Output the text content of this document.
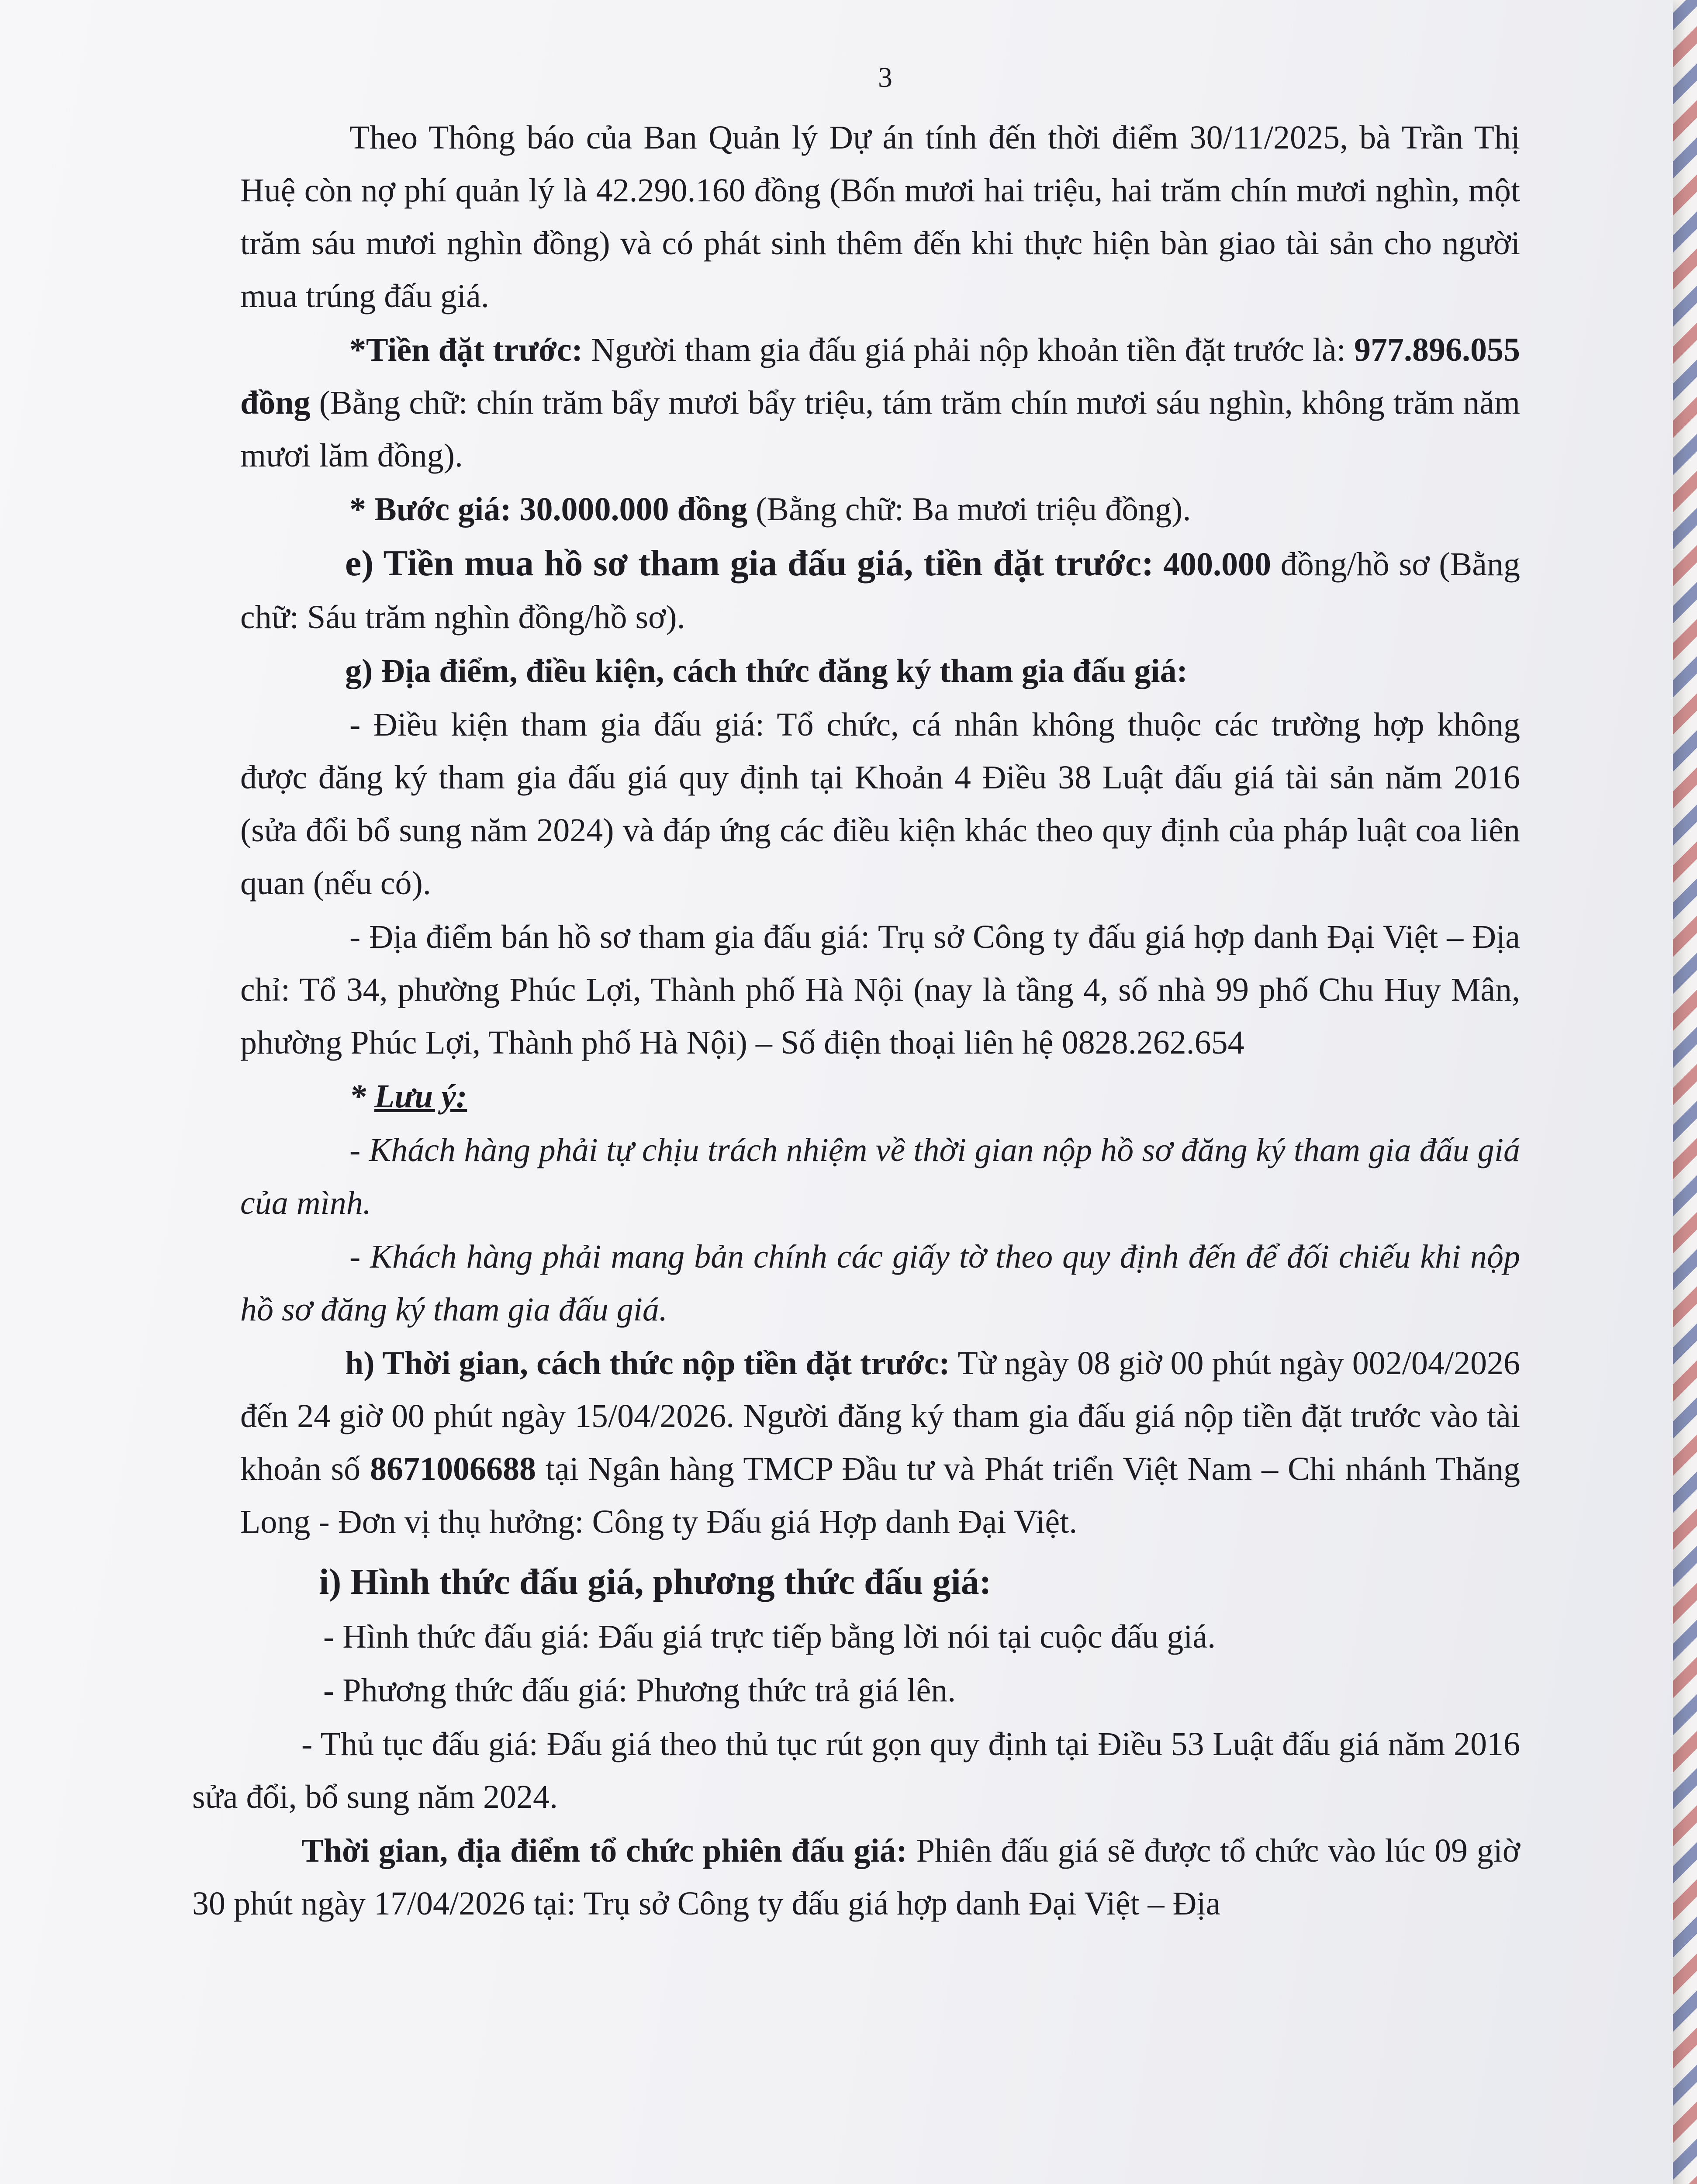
3

Theo Thông báo của Ban Quản lý Dự án tính đến thời điểm 30/11/2025, bà Trần Thị Huệ còn nợ phí quản lý là 42.290.160 đồng (Bốn mươi hai triệu, hai trăm chín mươi nghìn, một trăm sáu mươi nghìn đồng) và có phát sinh thêm đến khi thực hiện bàn giao tài sản cho người mua trúng đấu giá.

*Tiền đặt trước: Người tham gia đấu giá phải nộp khoản tiền đặt trước là: 977.896.055 đồng (Bằng chữ: chín trăm bẩy mươi bẩy triệu, tám trăm chín mươi sáu nghìn, không trăm năm mươi lăm đồng).

* Bước giá: 30.000.000 đồng (Bằng chữ: Ba mươi triệu đồng).

e) Tiền mua hồ sơ tham gia đấu giá, tiền đặt trước: 400.000 đồng/hồ sơ (Bằng chữ: Sáu trăm nghìn đồng/hồ sơ).

g) Địa điểm, điều kiện, cách thức đăng ký tham gia đấu giá:

- Điều kiện tham gia đấu giá: Tổ chức, cá nhân không thuộc các trường hợp không được đăng ký tham gia đấu giá quy định tại Khoản 4 Điều 38 Luật đấu giá tài sản năm 2016 (sửa đổi bổ sung năm 2024) và đáp ứng các điều kiện khác theo quy định của pháp luật coa liên quan (nếu có).

- Địa điểm bán hồ sơ tham gia đấu giá: Trụ sở Công ty đấu giá hợp danh Đại Việt – Địa chỉ: Tổ 34, phường Phúc Lợi, Thành phố Hà Nội (nay là tầng 4, số nhà 99 phố Chu Huy Mân, phường Phúc Lợi, Thành phố Hà Nội) – Số điện thoại liên hệ 0828.262.654

* Lưu ý:

- Khách hàng phải tự chịu trách nhiệm về thời gian nộp hồ sơ đăng ký tham gia đấu giá của mình.

- Khách hàng phải mang bản chính các giấy tờ theo quy định đến để đối chiếu khi nộp hồ sơ đăng ký tham gia đấu giá.

h) Thời gian, cách thức nộp tiền đặt trước: Từ ngày 08 giờ 00 phút ngày 002/04/2026 đến 24 giờ 00 phút ngày 15/04/2026. Người đăng ký tham gia đấu giá nộp tiền đặt trước vào tài khoản số 8671006688 tại Ngân hàng TMCP Đầu tư và Phát triển Việt Nam – Chi nhánh Thăng Long - Đơn vị thụ hưởng: Công ty Đấu giá Hợp danh Đại Việt.

i) Hình thức đấu giá, phương thức đấu giá:

- Hình thức đấu giá: Đấu giá trực tiếp bằng lời nói tại cuộc đấu giá.

- Phương thức đấu giá: Phương thức trả giá lên.

- Thủ tục đấu giá: Đấu giá theo thủ tục rút gọn quy định tại Điều 53 Luật đấu giá năm 2016 sửa đổi, bổ sung năm 2024.

Thời gian, địa điểm tổ chức phiên đấu giá: Phiên đấu giá sẽ được tổ chức vào lúc 09 giờ 30 phút ngày 17/04/2026 tại: Trụ sở Công ty đấu giá hợp danh Đại Việt – Địa
